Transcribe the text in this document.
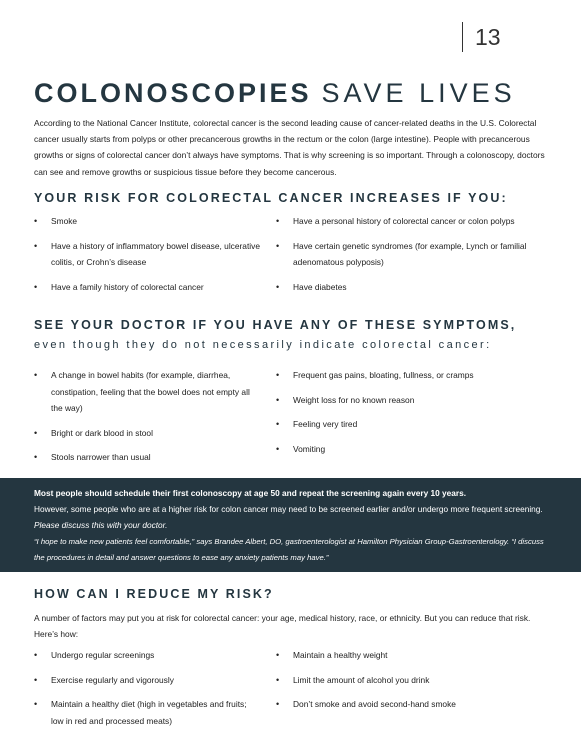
13
COLONOSCOPIES SAVE LIVES

According to the National Cancer Institute, colorectal cancer is the second leading cause of cancer-related deaths in the U.S. Colorectal cancer usually starts from polyps or other precancerous growths in the rectum or the colon (large intestine). People with precancerous growths or signs of colorectal cancer don’t always have symptoms. That is why screening is so important. Through a colonoscopy, doctors can see and remove growths or suspicious tissue before they become cancerous.

YOUR RISK FOR COLORECTAL CANCER INCREASES IF YOU:
• Smoke
• Have a history of inflammatory bowel disease, ulcerative colitis, or Crohn’s disease
• Have a family history of colorectal cancer
• Have a personal history of colorectal cancer or colon polyps
• Have certain genetic syndromes (for example, Lynch or familial adenomatous polyposis)
• Have diabetes
SEE YOUR DOCTOR IF YOU HAVE ANY OF THESE SYMPTOMS,
even though they do not necessarily indicate colorectal cancer:
• A change in bowel habits (for example, diarrhea, constipation, feeling that the bowel does not empty all the way)
• Bright or dark blood in stool
• Stools narrower than usual
• Frequent gas pains, bloating, fullness, or cramps
• Weight loss for no known reason
• Feeling very tired
• Vomiting
Most people should schedule their first colonoscopy at age 50 and repeat the screening again every 10 years.
However, some people who are at a higher risk for colon cancer may need to be screened earlier and/or undergo more frequent screening. Please discuss this with your doctor.
“I hope to make new patients feel comfortable,” says Brandee Albert, DO, gastroenterologist at Hamilton Physician Group-Gastroenterology. “I discuss the procedures in detail and answer questions to ease any anxiety patients may have.”
HOW CAN I REDUCE MY RISK?

A number of factors may put you at risk for colorectal cancer: your age, medical history, race, or ethnicity. But you can reduce that risk. Here’s how:

• Undergo regular screenings
• Exercise regularly and vigorously
• Maintain a healthy diet (high in vegetables and fruits; low in red and processed meats)
• Maintain a healthy weight
• Limit the amount of alcohol you drink
• Don’t smoke and avoid second-hand smoke
